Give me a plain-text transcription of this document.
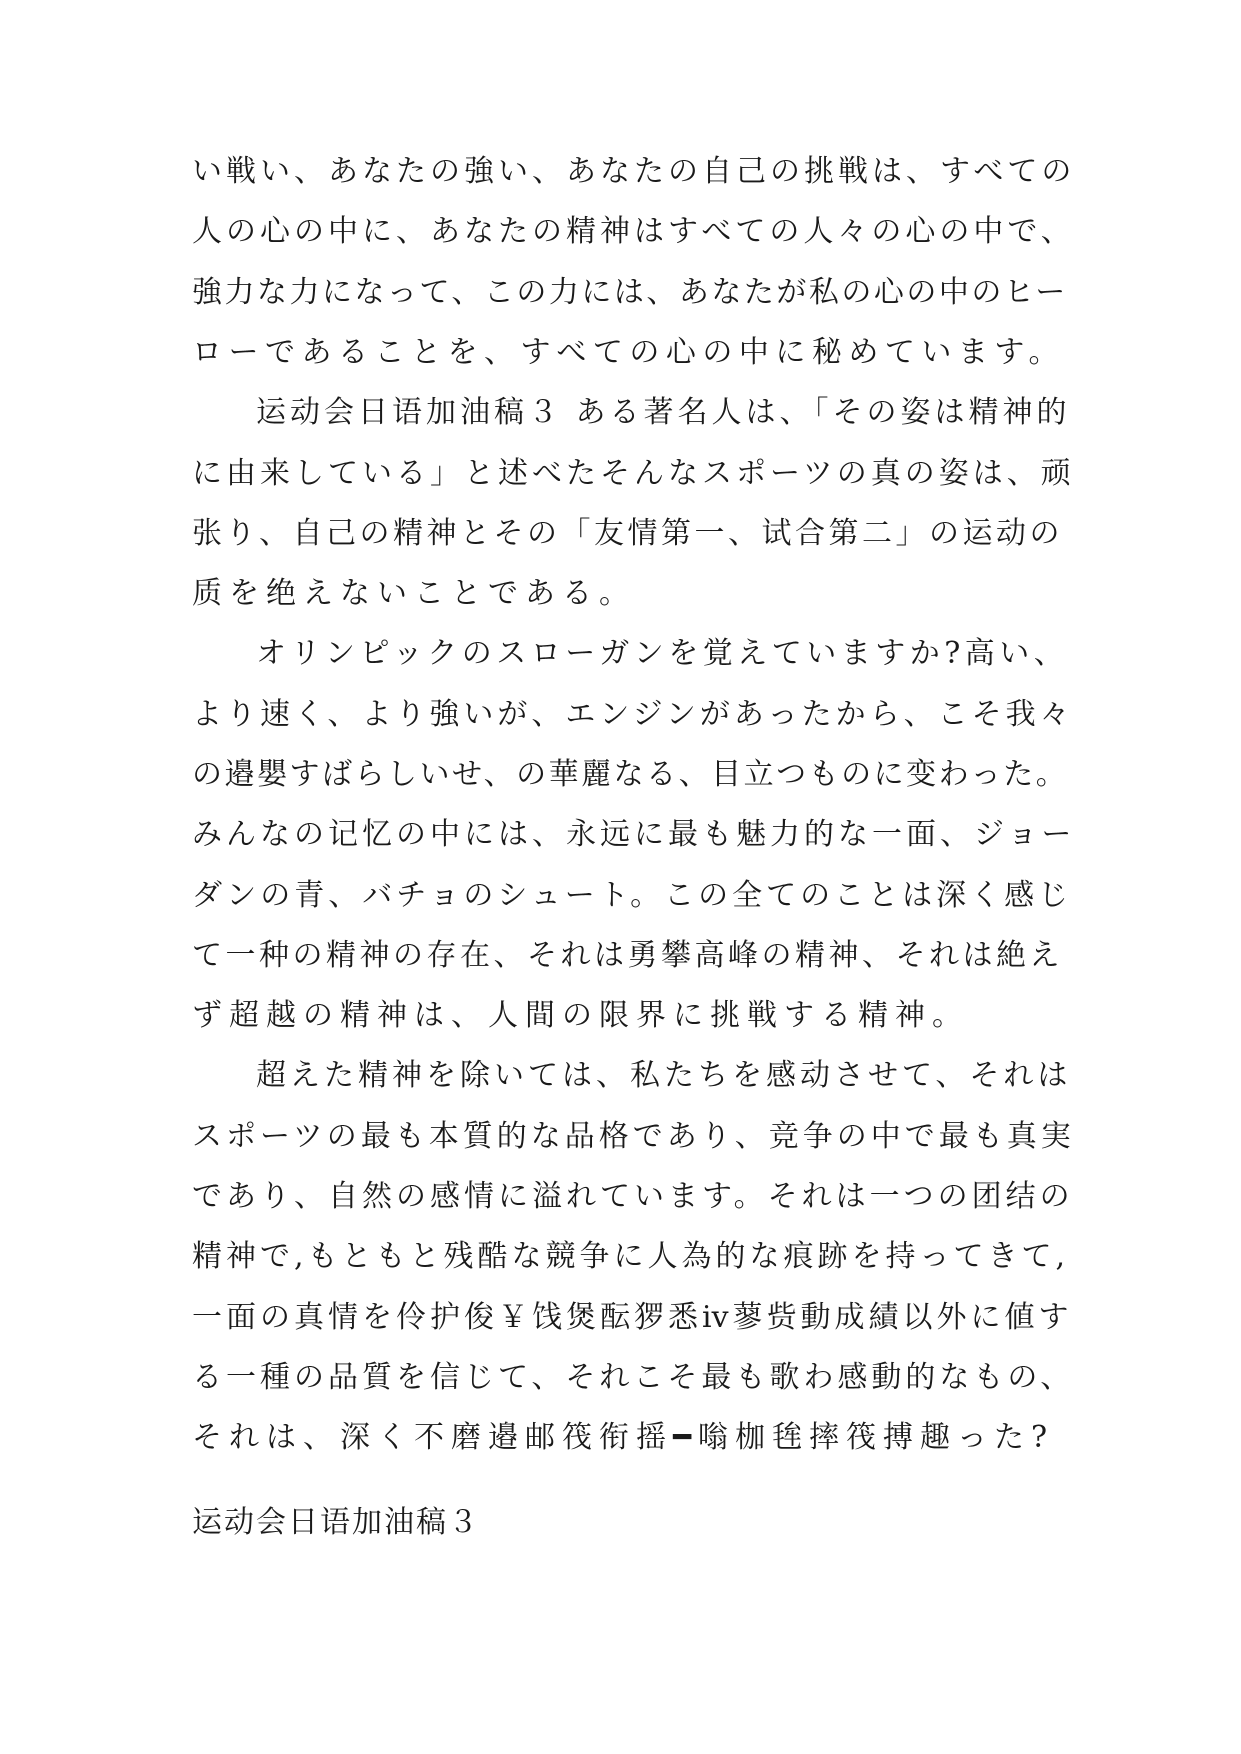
い戦い、あなたの強い、あなたの自己の挑戦は、すべての
人の心の中に、あなたの精神はすべての人々の心の中で、
強力な力になって、この力には、あなたが私の心の中のヒー
ローであることを、すべての心の中に秘めています。
运动会日语加油稿３ ある著名人は、「その姿は精神的
に由来している」と述べたそんなスポーツの真の姿は、顽
张り、自己の精神とその「友情第一、试合第二」の运动の
质を绝えないことである。
オリンピックのスローガンを覚えていますか?高い、
より速く、より強いが、エンジンがあったから、こそ我々
の邉嬰すばらしいせ、の華麗なる、目立つものに变わった。
みんなの记忆の中には、永远に最も魅力的な一面、ジョー
ダンの青、バチョのシュート。この全てのことは深く感じ
て一种の精神の存在、それは勇攀高峰の精神、それは絶え
ず超越の精神は、人間の限界に挑戦する精神。
超えた精神を除いては、私たちを感动させて、それは
スポーツの最も本質的な品格であり、竞争の中で最も真実
であり、自然の感情に溢れています。それは一つの团结の
精神で,もともと残酷な競争に人為的な痕跡を持ってきて,
一面の真情を伶护俊￥饯煲酝猡悉ⅳ蓼赀動成績以外に値す
る一種の品質を信じて、それこそ最も歌わ感動的なもの、
それは、深く不磨邉邮筏衔摇━嗡枷毪摔筏搏趣った?
运动会日语加油稿３
